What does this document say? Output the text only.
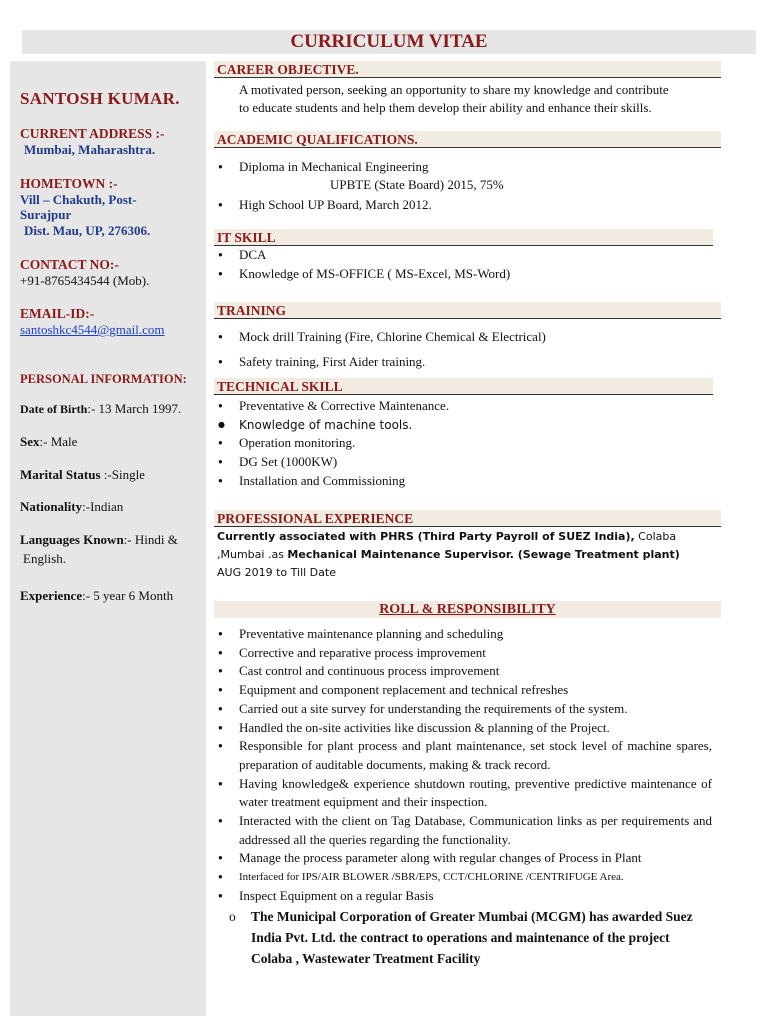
CURRICULUM VITAE
SANTOSH KUMAR.
CURRENT ADDRESS :-
Mumbai, Maharashtra.
HOMETOWN :-
Vill – Chakuth, Post-
Surajpur
Dist. Mau, UP, 276306.
CONTACT NO:-
+91-8765434544 (Mob).
EMAIL-ID:-
santoshkc4544@gmail.com
PERSONAL INFORMATION:
Date of Birth:- 13 March 1997.
Sex:- Male
Marital Status :-Single
Nationality:-Indian
Languages Known:- Hindi &
English.
Experience:- 5 year 6 Month
CAREER OBJECTIVE.
A motivated person, seeking an opportunity to share my knowledge and contribute
to educate students and help them develop their ability and enhance their skills.
ACADEMIC QUALIFICATIONS.
● Diploma in Mechanical Engineering
UPBTE (State Board) 2015, 75%
● High School UP Board, March 2012.
IT SKILL
● DCA
● Knowledge of MS-OFFICE ( MS-Excel, MS-Word)
TRAINING
● Mock drill Training (Fire, Chlorine Chemical & Electrical)
● Safety training, First Aider training.
TECHNICAL SKILL
● Preventative & Corrective Maintenance.
● Knowledge of machine tools.
● Operation monitoring.
● DG Set (1000KW)
● Installation and Commissioning
PROFESSIONAL EXPERIENCE
Currently associated with PHRS (Third Party Payroll of SUEZ India), Colaba
,Mumbai .as Mechanical Maintenance Supervisor. (Sewage Treatment plant)
AUG 2019 to Till Date
ROLL & RESPONSIBILITY
● Preventative maintenance planning and scheduling
● Corrective and reparative process improvement
● Cast control and continuous process improvement
● Equipment and component replacement and technical refreshes
● Carried out a site survey for understanding the requirements of the system.
● Handled the on-site activities like discussion & planning of the Project.
● Responsible for plant process and plant maintenance, set stock level of machine spares, preparation of auditable documents, making & track record.
● Having knowledge& experience shutdown routing, preventive predictive maintenance of water treatment equipment and their inspection.
● Interacted with the client on Tag Database, Communication links as per requirements and addressed all the queries regarding the functionality.
● Manage the process parameter along with regular changes of Process in Plant
● Interfaced for IPS/AIR BLOWER /SBR/EPS, CCT/CHLORINE /CENTRIFUGE Area.
● Inspect Equipment on a regular Basis
o The Municipal Corporation of Greater Mumbai (MCGM) has awarded Suez India Pvt. Ltd. the contract to operations and maintenance of the project Colaba , Wastewater Treatment Facility
